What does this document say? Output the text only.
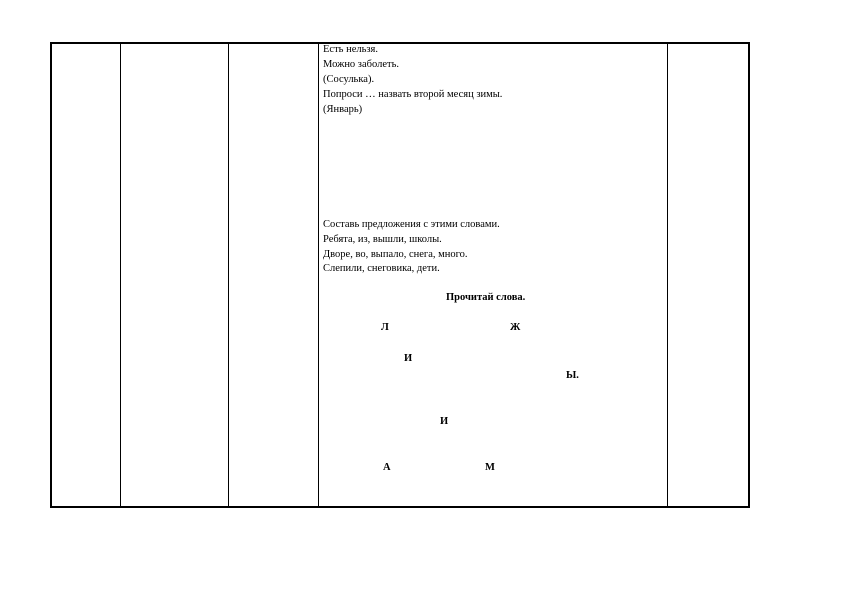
Есть нельзя.
Можно заболеть.
(Сосулька).
Попроси … назвать второй месяц зимы.
(Январь)
Составь предложения с этими словами.
Ребята, из, вышли, школы.
Дворе, во, выпало, снега, много.
Слепили, снеговика, дети.
Прочитай слова.
Л	Ж
И
Ы.
И
А	М
